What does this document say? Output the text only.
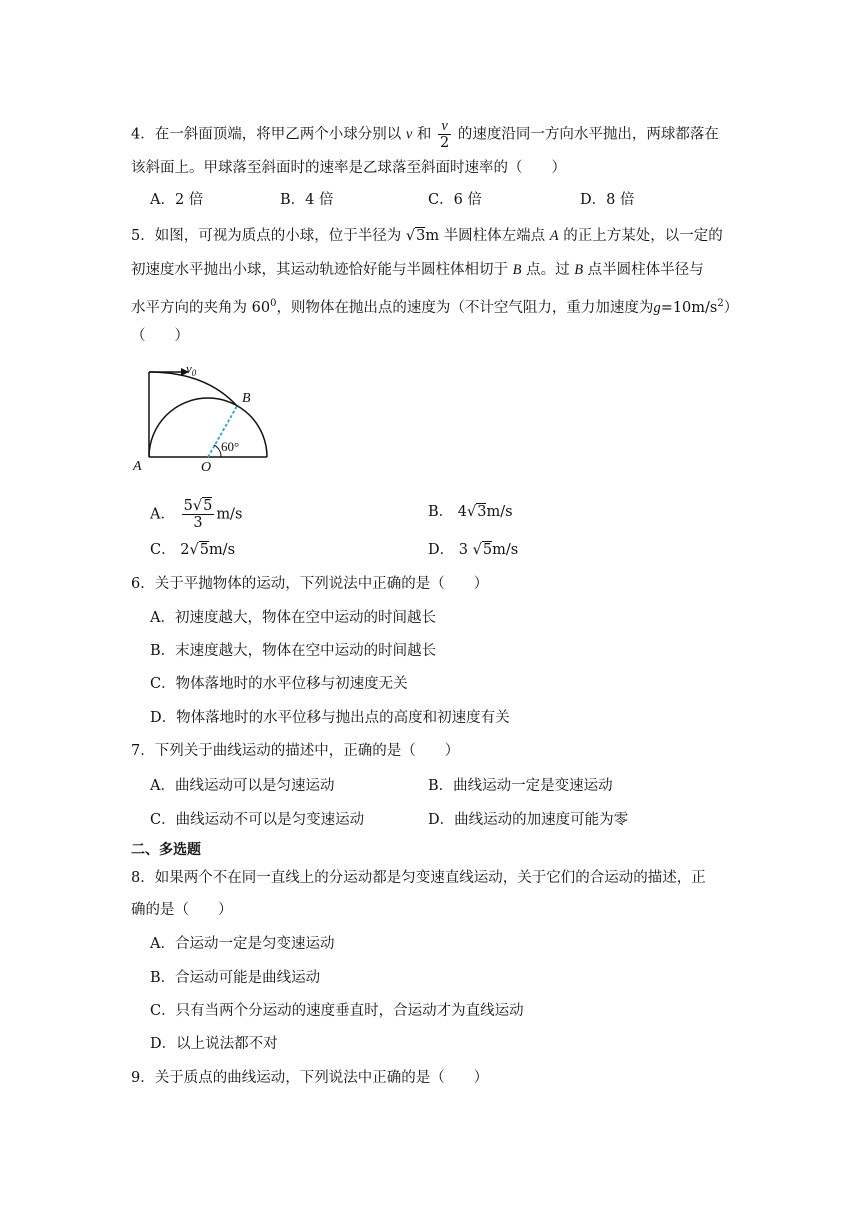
4．在一斜面顶端，将甲乙两个小球分别以 v 和 $\frac{v}{2}$ 的速度沿同一方向水平抛出，两球都落在
该斜面上。甲球落至斜面时的速率是乙球落至斜面时速率的（　　）
A．2 倍	B．4 倍	C．6 倍	D．8 倍
5．如图，可视为质点的小球，位于半径为 √3m 半圆柱体左端点 A 的正上方某处，以一定的
初速度水平抛出小球，其运动轨迹恰好能与半圆柱体相切于 B 点。过 B 点半圆柱体半径与
水平方向的夹角为 $60^0$，则物体在抛出点的速度为（不计空气阻力，重力加速度为$g=10m/s^2$）
（　　）
$v_0$
B
A	O
60°
A． $\frac{5√5}{3} m/s$	B． 4√3m/s
C． 2√5m/s	D． 3 √5m/s
6．关于平抛物体的运动，下列说法中正确的是（　　）
A．初速度越大，物体在空中运动的时间越长
B．末速度越大，物体在空中运动的时间越长
C．物体落地时的水平位移与初速度无关
D．物体落地时的水平位移与抛出点的高度和初速度有关
7．下列关于曲线运动的描述中，正确的是（　　）
A．曲线运动可以是匀速运动	B．曲线运动一定是变速运动
C．曲线运动不可以是匀变速运动	D．曲线运动的加速度可能为零
二、多选题
8．如果两个不在同一直线上的分运动都是匀变速直线运动，关于它们的合运动的描述，正
确的是（　　）
A．合运动一定是匀变速运动
B．合运动可能是曲线运动
C．只有当两个分运动的速度垂直时，合运动才为直线运动
D．以上说法都不对
9．关于质点的曲线运动，下列说法中正确的是（　　）
